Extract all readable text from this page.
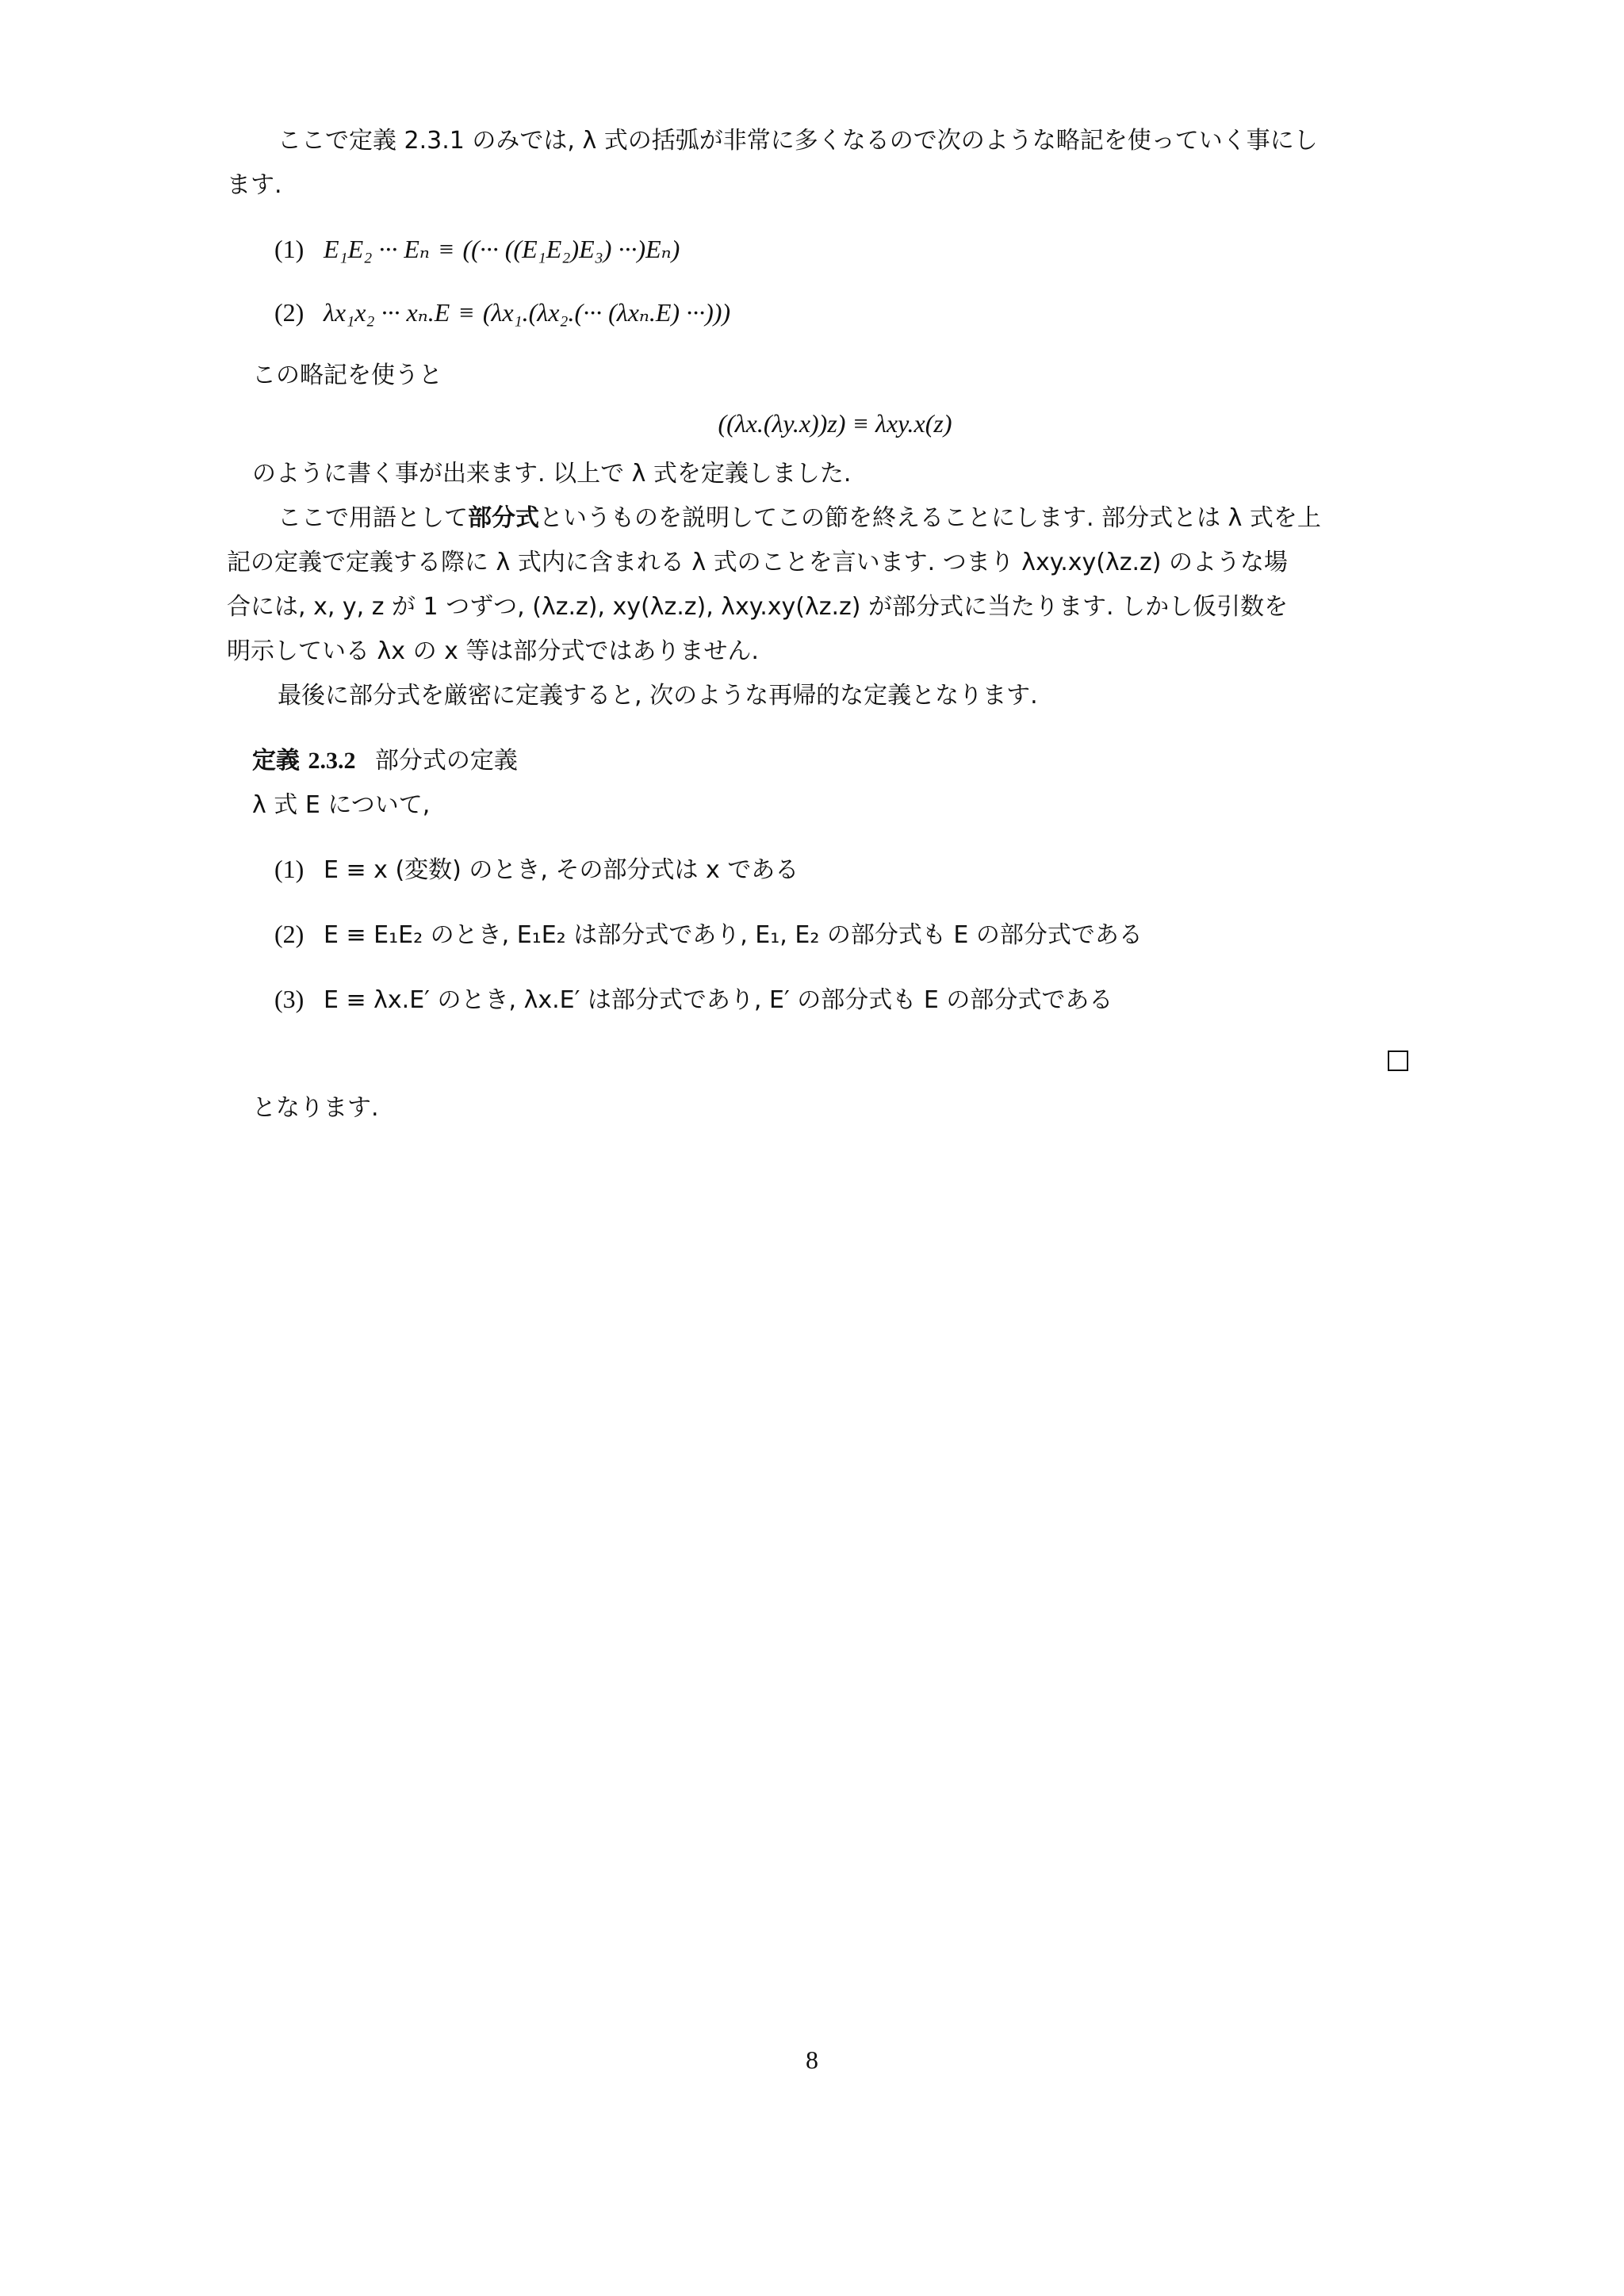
ここで定義 2.3.1 のみでは, λ 式の括弧が非常に多くなるので次のような略記を使っていく事にし
ます.

(1) E₁E₂ ··· Eₙ ≡ ((··· ((E₁E₂)E₃) ···)Eₙ)
(2) λx₁x₂ ··· xₙ.E ≡ (λx₁.(λx₂.(··· (λxₙ.E) ···)))

この略記を使うと

((λx.(λy.x))z) ≡ λxy.x(z)

のように書く事が出来ます. 以上で λ 式を定義しました.

ここで用語として部分式というものを説明してこの節を終えることにします. 部分式とは λ 式を上
記の定義で定義する際に λ 式内に含まれる λ 式のことを言います. つまり λxy.xy(λz.z) のような場
合には, x, y, z が 1 つずつ, (λz.z), xy(λz.z), λxy.xy(λz.z) が部分式に当たります. しかし仮引数を
明示している λx の x 等は部分式ではありません.

最後に部分式を厳密に定義すると, 次のような再帰的な定義となります.

定義 2.3.2 部分式の定義

λ 式 E について,

(1) E ≡ x (変数) のとき, その部分式は x である
(2) E ≡ E₁E₂ のとき, E₁E₂ は部分式であり, E₁, E₂ の部分式も E の部分式である
(3) E ≡ λx.E′ のとき, λx.E′ は部分式であり, E′ の部分式も E の部分式である

となります.

8
